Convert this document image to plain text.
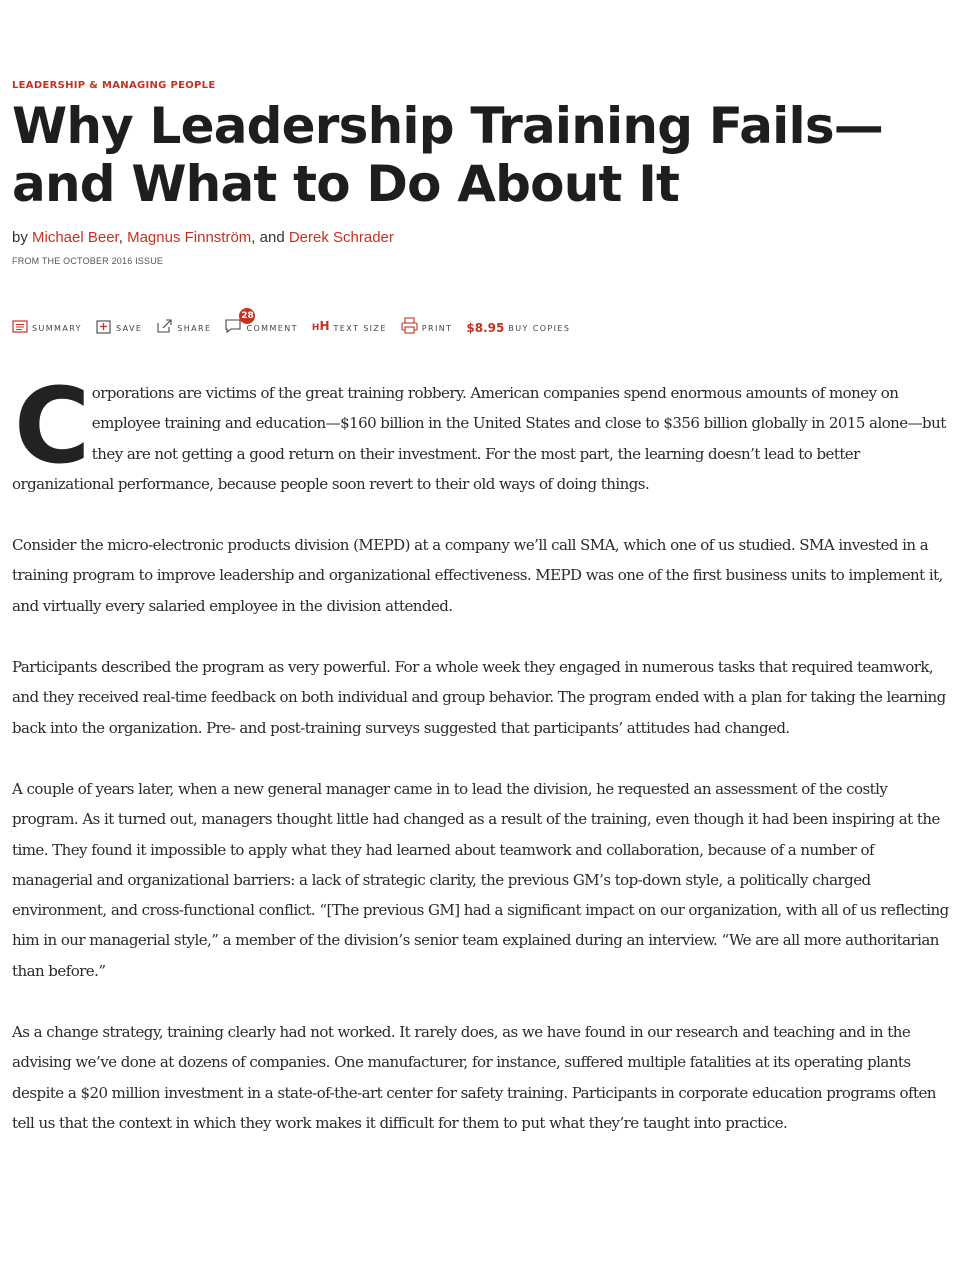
LEADERSHIP & MANAGING PEOPLE
Why Leadership Training Fails—and What to Do About It
by Michael Beer, Magnus Finnström, and Derek Schrader
FROM THE OCTOBER 2016 ISSUE
SUMMARY	SAVE	SHARE
28
COMMENT HH TEXT SIZE	PRINT $8.95 BUY COPIES

Corporations are victims of the great training robbery. American companies spend enormous amounts of money on employee training and education—$160 billion in the United States and close to $356 billion globally in 2015 alone—but they are not getting a good return on their investment. For the most part, the learning doesn’t lead to better organizational performance, because people soon revert to their old ways of doing things.

Consider the micro-electronic products division (MEPD) at a company we’ll call SMA, which one of us studied. SMA invested in a training program to improve leadership and organizational effectiveness. MEPD was one of the first business units to implement it, and virtually every salaried employee in the division attended.

Participants described the program as very powerful. For a whole week they engaged in numerous tasks that required teamwork, and they received real-time feedback on both individual and group behavior. The program ended with a plan for taking the learning back into the organization. Pre- and post-training surveys suggested that participants’ attitudes had changed.

A couple of years later, when a new general manager came in to lead the division, he requested an assessment of the costly program. As it turned out, managers thought little had changed as a result of the training, even though it had been inspiring at the time. They found it impossible to apply what they had learned about teamwork and collaboration, because of a number of managerial and organizational barriers: a lack of strategic clarity, the previous GM’s top-down style, a politically charged environment, and cross-functional conflict. “[The previous GM] had a significant impact on our organization, with all of us reflecting him in our managerial style,” a member of the division’s senior team explained during an interview. “We are all more authoritarian than before.”

As a change strategy, training clearly had not worked. It rarely does, as we have found in our research and teaching and in the advising we’ve done at dozens of companies. One manufacturer, for instance, suffered multiple fatalities at its operating plants despite a $20 million investment in a state-of-the-art center for safety training. Participants in corporate education programs often tell us that the context in which they work makes it difficult for them to put what they’re taught into practice.
